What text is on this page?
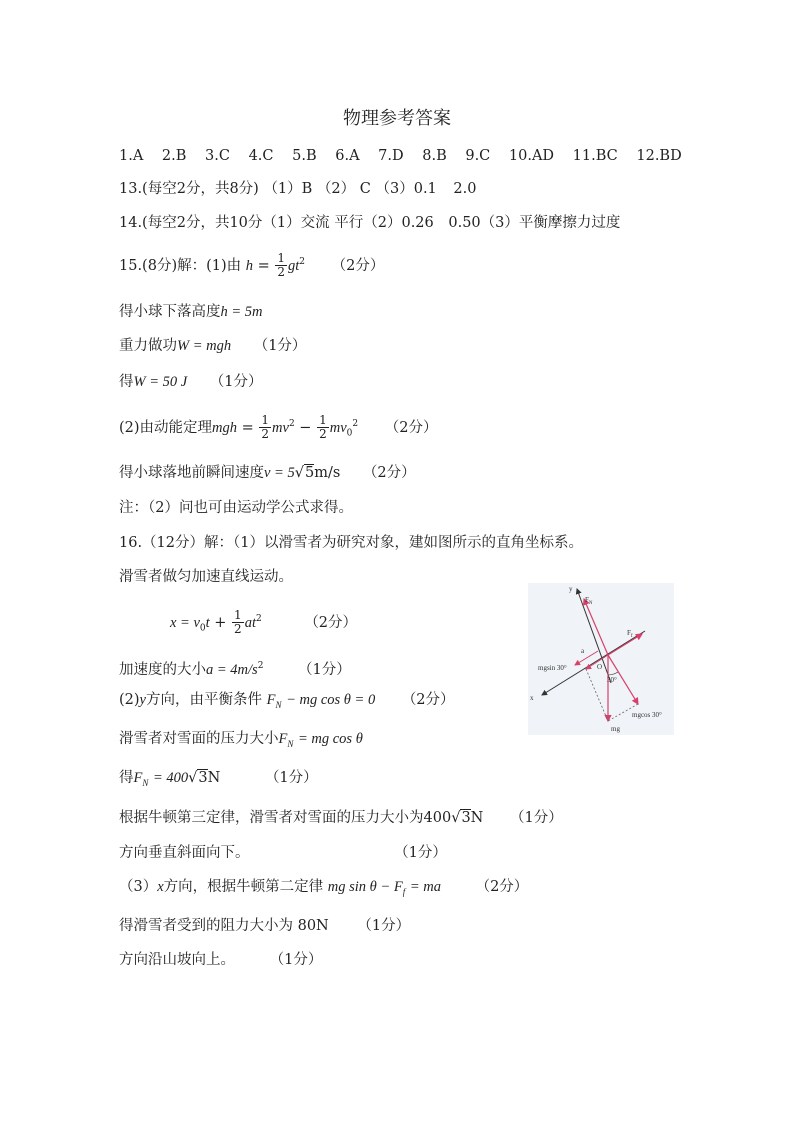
物理参考答案
1.A 2.B 3.C 4.C 5.B 6.A 7.D 8.B 9.C 10.AD 11.BC 12.BD
13.(每空2分，共8分) （1）B （2） C （3）0.1 2.0
14.(每空2分，共10分（1）交流 平行（2）0.26 0.50（3）平衡摩擦力过度
15.(8分)解：(1)由 $h = \frac{1}{2} gt^2$ （2分）
得小球下落高度h = 5m
重力做功W = mgh （1分）
得W = 50 J （1分）
(2)由动能定理mgh = $\frac{1}{2} mv^2 - \frac{1}{2} mv_0^2$ （2分）
得小球落地前瞬间速度v = 5√5m/s （2分）
注：（2）问也可由运动学公式求得。
16.（12分）解：（1）以滑雪者为研究对象，建如图所示的直角坐标系。
滑雪者做匀加速直线运动。
$x = v_0t + \frac{1}{2} at^2$	（2分）
加速度的大小$a = 4m/s^2$ （1分）
(2)y方向，由平衡条件 $F_N$ − mg cos θ = 0 （2分）
滑雪者对雪面的压力大小$F_N$ = mg cos θ
得$F_N = 400√3N$	（1分）
根据牛顿第三定律，滑雪者对雪面的压力大小为400√3N （1分）
方向垂直斜面向下。	（1分）
（3）x方向，根据牛顿第二定律 mg $\sin \theta - F_f$ = ma （2分）
得滑雪者受到的阻力大小为 80N （1分）
方向沿山坡向上。 （1分）
y
x
$F_N$
$F_f$
a
O
30°
mgsin 30°
mgcos 30°
mg
